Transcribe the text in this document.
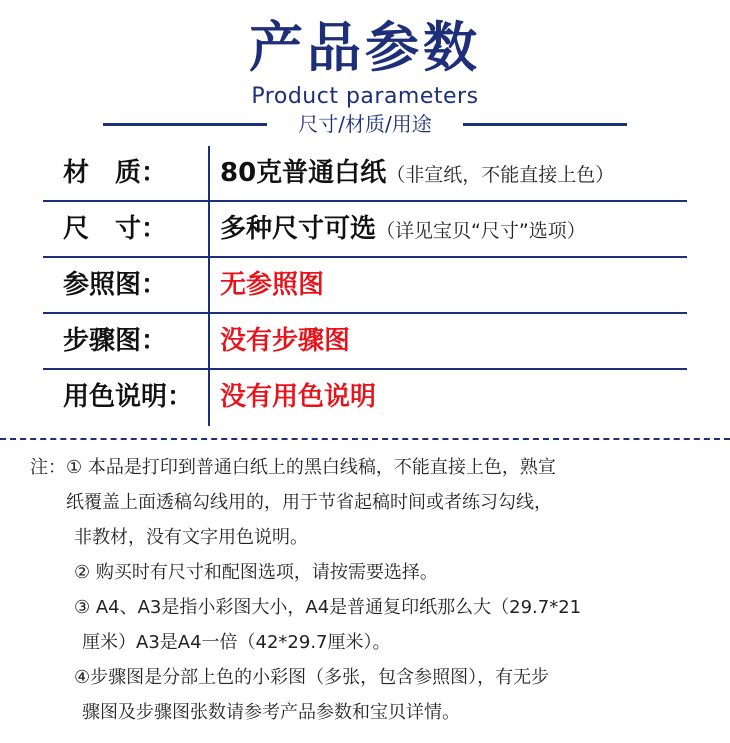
产品参数
Product parameters
尺寸/材质/用途
材　质：	80克普通白纸（非宣纸，不能直接上色）
尺　寸：	多种尺寸可选（详见宝贝“尺寸”选项）
参照图：	无参照图
步骤图：	没有步骤图
用色说明：	没有用色说明

注：① 本品是打印到普通白纸上的黑白线稿，不能直接上色，熟宣

纸覆盖上面透稿勾线用的，用于节省起稿时间或者练习勾线，

非教材，没有文字用色说明。

② 购买时有尺寸和配图选项，请按需要选择。

③ A4、A3是指小彩图大小，A4是普通复印纸那么大（29.7*21

厘米）A3是A4一倍（42*29.7厘米）。

④步骤图是分部上色的小彩图（多张，包含参照图），有无步

骤图及步骤图张数请参考产品参数和宝贝详情。
